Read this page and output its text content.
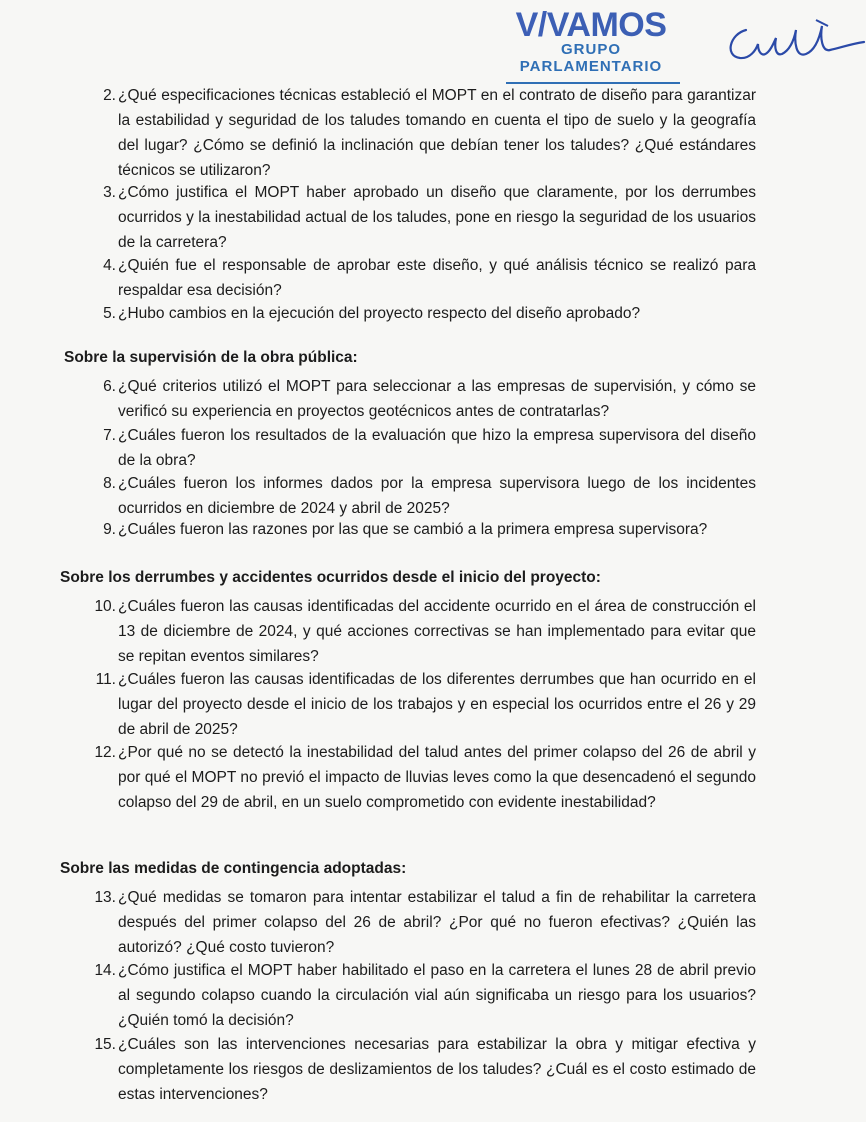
V/VAMOS
GRUPO
PARLAMENTARIO
2. ¿Qué especificaciones técnicas estableció el MOPT en el contrato de diseño para garantizar la estabilidad y seguridad de los taludes tomando en cuenta el tipo de suelo y la geografía del lugar? ¿Cómo se definió la inclinación que debían tener los taludes? ¿Qué estándares técnicos se utilizaron?
3. ¿Cómo justifica el MOPT haber aprobado un diseño que claramente, por los derrumbes ocurridos y la inestabilidad actual de los taludes, pone en riesgo la seguridad de los usuarios de la carretera?
4. ¿Quién fue el responsable de aprobar este diseño, y qué análisis técnico se realizó para respaldar esa decisión?
5. ¿Hubo cambios en la ejecución del proyecto respecto del diseño aprobado?
Sobre la supervisión de la obra pública:
6. ¿Qué criterios utilizó el MOPT para seleccionar a las empresas de supervisión, y cómo se verificó su experiencia en proyectos geotécnicos antes de contratarlas?
7. ¿Cuáles fueron los resultados de la evaluación que hizo la empresa supervisora del diseño de la obra?
8. ¿Cuáles fueron los informes dados por la empresa supervisora luego de los incidentes ocurridos en diciembre de 2024 y abril de 2025?
9. ¿Cuáles fueron las razones por las que se cambió a la primera empresa supervisora?
Sobre los derrumbes y accidentes ocurridos desde el inicio del proyecto:
10. ¿Cuáles fueron las causas identificadas del accidente ocurrido en el área de construcción el 13 de diciembre de 2024, y qué acciones correctivas se han implementado para evitar que se repitan eventos similares?
11. ¿Cuáles fueron las causas identificadas de los diferentes derrumbes que han ocurrido en el lugar del proyecto desde el inicio de los trabajos y en especial los ocurridos entre el 26 y 29 de abril de 2025?
12. ¿Por qué no se detectó la inestabilidad del talud antes del primer colapso del 26 de abril y por qué el MOPT no previó el impacto de lluvias leves como la que desencadenó el segundo colapso del 29 de abril, en un suelo comprometido con evidente inestabilidad?
Sobre las medidas de contingencia adoptadas:
13. ¿Qué medidas se tomaron para intentar estabilizar el talud a fin de rehabilitar la carretera después del primer colapso del 26 de abril? ¿Por qué no fueron efectivas? ¿Quién las autorizó? ¿Qué costo tuvieron?
14. ¿Cómo justifica el MOPT haber habilitado el paso en la carretera el lunes 28 de abril previo al segundo colapso cuando la circulación vial aún significaba un riesgo para los usuarios? ¿Quién tomó la decisión?
15. ¿Cuáles son las intervenciones necesarias para estabilizar la obra y mitigar efectiva y completamente los riesgos de deslizamientos de los taludes? ¿Cuál es el costo estimado de estas intervenciones?
